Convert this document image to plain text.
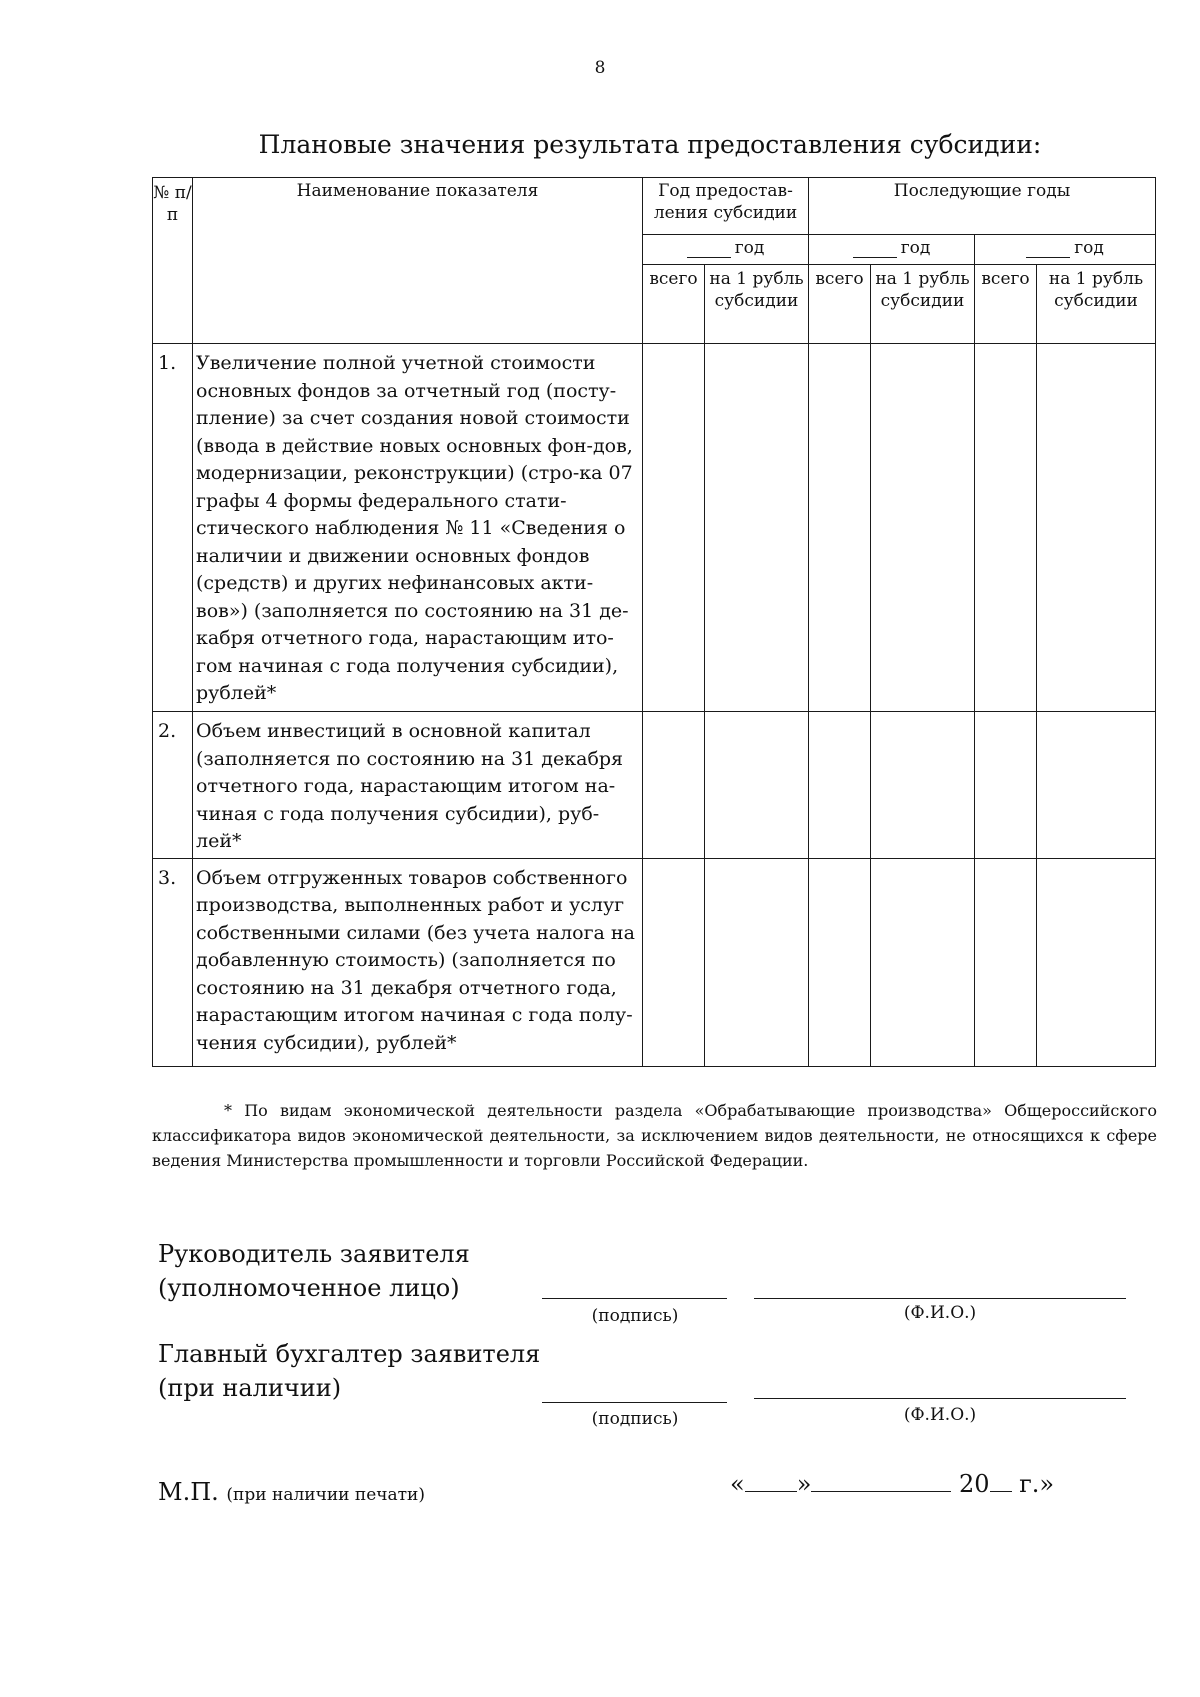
8
Плановые значения результата предоставления субсидии:
№ п/п	Наименование показателя	Год предостав-ления субсидии		Последующие годы			
		год		год		год	
		всего	на 1 рубль субсидии	всего	на 1 рубль субсидии	всего	на 1 рубль субсидии
1.	Увеличение полной учетной стоимости основных фондов за отчетный год (посту-пление) за счет создания новой стоимости (ввода в действие новых основных фон-дов, модернизации, реконструкции) (стро-ка 07 графы 4 формы федерального стати-стического наблюдения № 11 «Сведения о наличии и движении основных фондов (средств) и других нефинансовых акти-вов») (заполняется по состоянию на 31 де-кабря отчетного года, нарастающим ито-гом начиная с года получения субсидии), рублей*						
2.	Объем инвестиций в основной капитал (заполняется по состоянию на 31 декабря отчетного года, нарастающим итогом на-чиная с года получения субсидии), руб-лей*						
3.	Объем отгруженных товаров собственного производства, выполненных работ и услуг собственными силами (без учета налога на добавленную стоимость) (заполняется по состоянию на 31 декабря отчетного года, нарастающим итогом начиная с года полу-чения субсидии), рублей*						
* По видам экономической деятельности раздела «Обрабатывающие производства» Общероссийского классификатора видов экономической деятельности, за исключением видов деятельности, не относящихся к сфере ведения Министерства промышленности и торговли Российской Федерации.
Руководитель заявителя
(уполномоченное лицо)
(подпись)	(Ф.И.О.)
Главный бухгалтер заявителя
(при наличии)
(подпись)	(Ф.И.О.)
М.П. (при наличии печати)	« »	20 г.»
